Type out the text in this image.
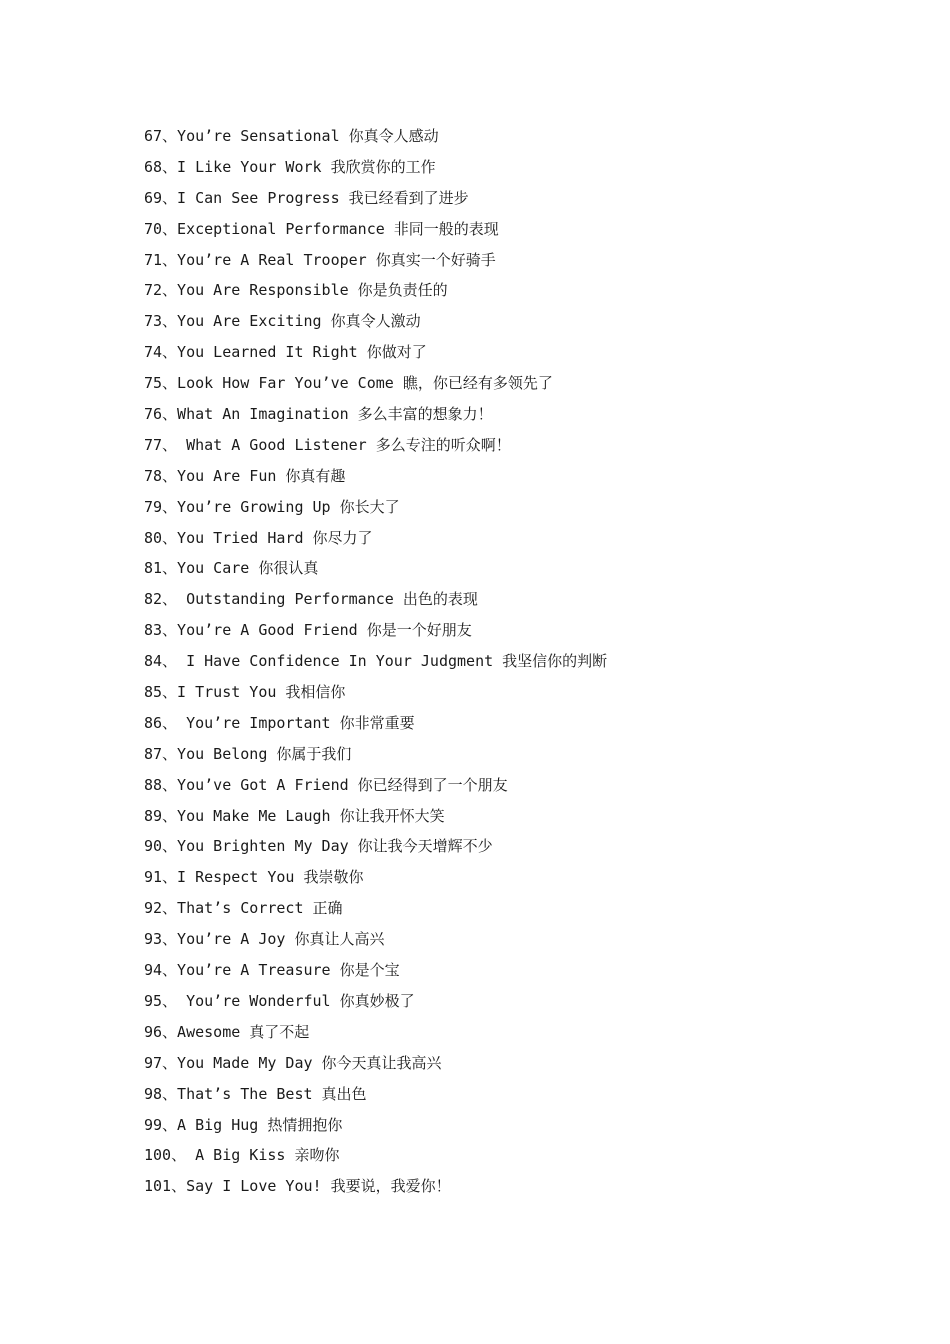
67、You’re Sensational 你真令人感动
68、I Like Your Work 我欣赏你的工作
69、I Can See Progress 我已经看到了进步
70、Exceptional Performance 非同一般的表现
71、You’re A Real Trooper 你真实一个好骑手
72、You Are Responsible 你是负责任的
73、You Are Exciting 你真令人激动
74、You Learned It Right 你做对了
75、Look How Far You’ve Come 瞧，你已经有多领先了
76、What An Imagination 多么丰富的想象力！
77、 What A Good Listener 多么专注的听众啊！
78、You Are Fun 你真有趣
79、You’re Growing Up 你长大了
80、You Tried Hard 你尽力了
81、You Care 你很认真
82、 Outstanding Performance 出色的表现
83、You’re A Good Friend 你是一个好朋友
84、 I Have Confidence In Your Judgment 我坚信你的判断
85、I Trust You 我相信你
86、 You’re Important 你非常重要
87、You Belong 你属于我们
88、You’ve Got A Friend 你已经得到了一个朋友
89、You Make Me Laugh 你让我开怀大笑
90、You Brighten My Day 你让我今天增辉不少
91、I Respect You 我崇敬你
92、That’s Correct 正确
93、You’re A Joy 你真让人高兴
94、You’re A Treasure 你是个宝
95、 You’re Wonderful 你真妙极了
96、Awesome 真了不起
97、You Made My Day 你今天真让我高兴
98、That’s The Best 真出色
99、A Big Hug 热情拥抱你
100、 A Big Kiss 亲吻你
101、Say I Love You! 我要说，我爱你！
